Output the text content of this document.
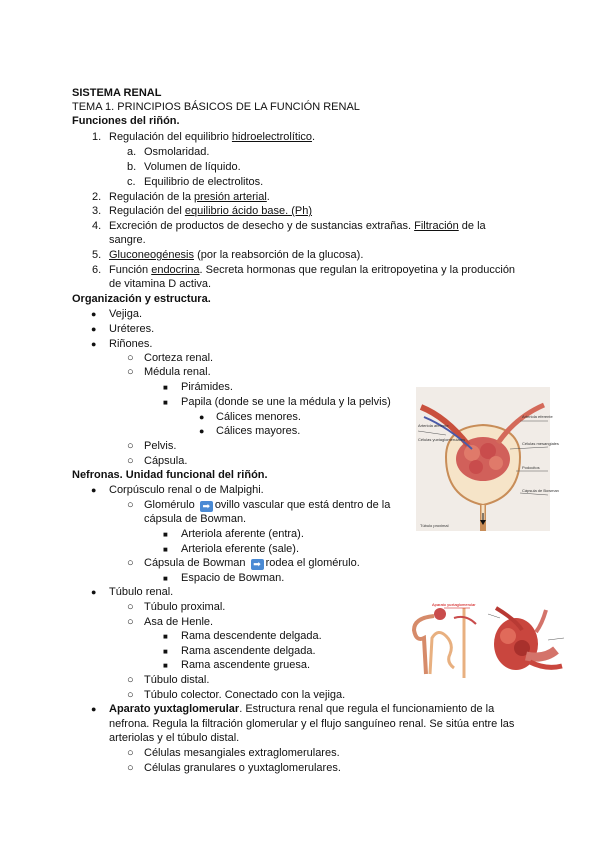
SISTEMA RENAL
TEMA 1. PRINCIPIOS BÁSICOS DE LA FUNCIÓN RENAL
Funciones del riñón.
1. Regulación del equilibrio hidroelectrolítico.
a. Osmolaridad.
b. Volumen de líquido.
c. Equilibrio de electrolitos.
2. Regulación de la presión arterial.
3. Regulación del equilibrio ácido base. (Ph)
4. Excreción de productos de desecho y de sustancias extrañas. Filtración de la
sangre.
5. Gluconeogénesis (por la reabsorción de la glucosa).
6. Función endocrina. Secreta hormonas que regulan la eritropoyetina y la producción
de vitamina D activa.
Organización y estructura.
● Vejiga.
● Uréteres.
● Riñones.
○ Corteza renal.
○ Médula renal.
■ Pirámides.
■ Papila (donde se une la médula y la pelvis)
● Cálices menores.
● Cálices mayores.
○ Pelvis.
○ Cápsula.
Nefronas. Unidad funcional del riñón.
● Corpúsculo renal o de Malpighi.
○ Glomérulo ➡ ovillo vascular que está dentro de la
cápsula de Bowman.
■ Arteriola aferente (entra).
■ Arteriola eferente (sale).
○ Cápsula de Bowman ➡ rodea el glomérulo.
■ Espacio de Bowman.
● Túbulo renal.
○ Túbulo proximal.
○ Asa de Henle.
■ Rama descendente delgada.
■ Rama ascendente delgada.
■ Rama ascendente gruesa.
○ Túbulo distal.
○ Túbulo colector. Conectado con la vejiga.
● Aparato yuxtaglomerular. Estructura renal que regula el funcionamiento de la
nefrona. Regula la filtración glomerular y el flujo sanguíneo renal. Se sitúa entre las
arteriolas y el túbulo distal.
○ Células mesangiales extraglomerulares.
○ Células granulares o yuxtaglomerulares.
Arteriola aferente
Células yuxtaglomerulares
Arteriola eferente
Células mesangiales
Podocitos
Cápsula de Bowman
Túbulo proximal
Aparato yuxtaglomerular
